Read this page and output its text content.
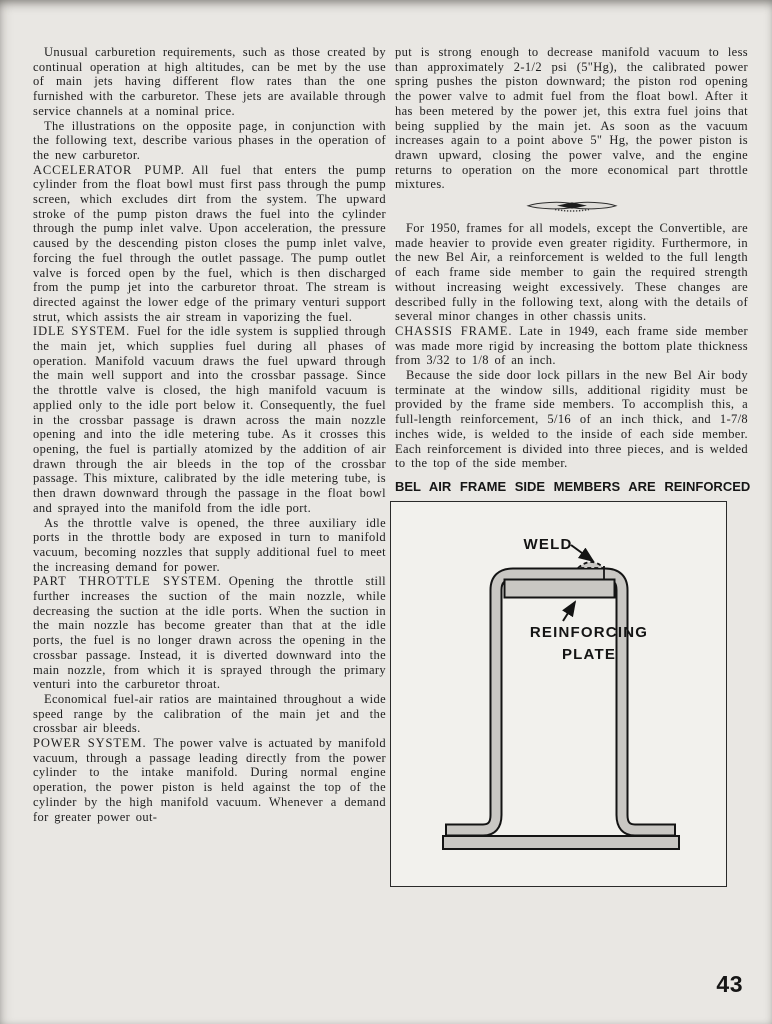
Unusual carburetion requirements, such as those created by continual operation at high altitudes, can be met by the use of main jets having different flow rates than the one furnished with the carburetor. These jets are available through service channels at a nominal price.

The illustrations on the opposite page, in conjunction with the following text, describe various phases in the operation of the new carburetor.

ACCELERATOR PUMP. All fuel that enters the pump cylinder from the float bowl must first pass through the pump screen, which excludes dirt from the system. The upward stroke of the pump piston draws the fuel into the cylinder through the pump inlet valve. Upon acceleration, the pressure caused by the descending piston closes the pump inlet valve, forcing the fuel through the outlet passage. The pump outlet valve is forced open by the fuel, which is then discharged from the pump jet into the carburetor throat. The stream is directed against the lower edge of the primary venturi support strut, which assists the air stream in vaporizing the fuel.

IDLE SYSTEM. Fuel for the idle system is supplied through the main jet, which supplies fuel during all phases of operation. Manifold vacuum draws the fuel upward through the main well support and into the crossbar passage. Since the throttle valve is closed, the high manifold vacuum is applied only to the idle port below it. Consequently, the fuel in the crossbar passage is drawn across the main nozzle opening and into the idle metering tube. As it crosses this opening, the fuel is partially atomized by the addition of air drawn through the air bleeds in the top of the crossbar passage. This mixture, calibrated by the idle metering tube, is then drawn downward through the passage in the float bowl and sprayed into the manifold from the idle port.

As the throttle valve is opened, the three auxiliary idle ports in the throttle body are exposed in turn to manifold vacuum, becoming nozzles that supply additional fuel to meet the increasing demand for power.

PART THROTTLE SYSTEM. Opening the throttle still further increases the suction of the main nozzle, while decreasing the suction at the idle ports. When the suction in the main nozzle has become greater than that at the idle ports, the fuel is no longer drawn across the opening in the crossbar passage. Instead, it is diverted downward into the main nozzle, from which it is sprayed through the primary venturi into the carburetor throat.

Economical fuel-air ratios are maintained throughout a wide speed range by the calibration of the main jet and the crossbar air bleeds.

POWER SYSTEM. The power valve is actuated by manifold vacuum, through a passage leading directly from the power cylinder to the intake manifold. During normal engine operation, the power piston is held against the top of the cylinder by the high manifold vacuum. Whenever a demand for greater power out-

put is strong enough to decrease manifold vacuum to less than approximately 2-1/2 psi (5"Hg), the calibrated power spring pushes the piston downward; the piston rod opening the power valve to admit fuel from the float bowl. After it has been metered by the power jet, this extra fuel joins that being supplied by the main jet. As soon as the vacuum increases again to a point above 5" Hg, the power piston is drawn upward, closing the power valve, and the engine returns to operation on the more economical part throttle mixtures.

For 1950, frames for all models, except the Convertible, are made heavier to provide even greater rigidity. Furthermore, in the new Bel Air, a reinforcement is welded to the full length of each frame side member to gain the required strength without increasing weight excessively. These changes are described fully in the following text, along with the details of several minor changes in other chassis units.

CHASSIS FRAME. Late in 1949, each frame side member was made more rigid by increasing the bottom plate thickness from 3/32 to 1/8 of an inch.

Because the side door lock pillars in the new Bel Air body terminate at the window sills, additional rigidity must be provided by the frame side members. To accomplish this, a full-length reinforcement, 5/16 of an inch thick, and 1-7/8 inches wide, is welded to the inside of each side member. Each reinforcement is divided into three pieces, and is welded to the top of the side member.

BEL AIR FRAME SIDE MEMBERS ARE REINFORCED
WELD
REINFORCING
PLATE
43
